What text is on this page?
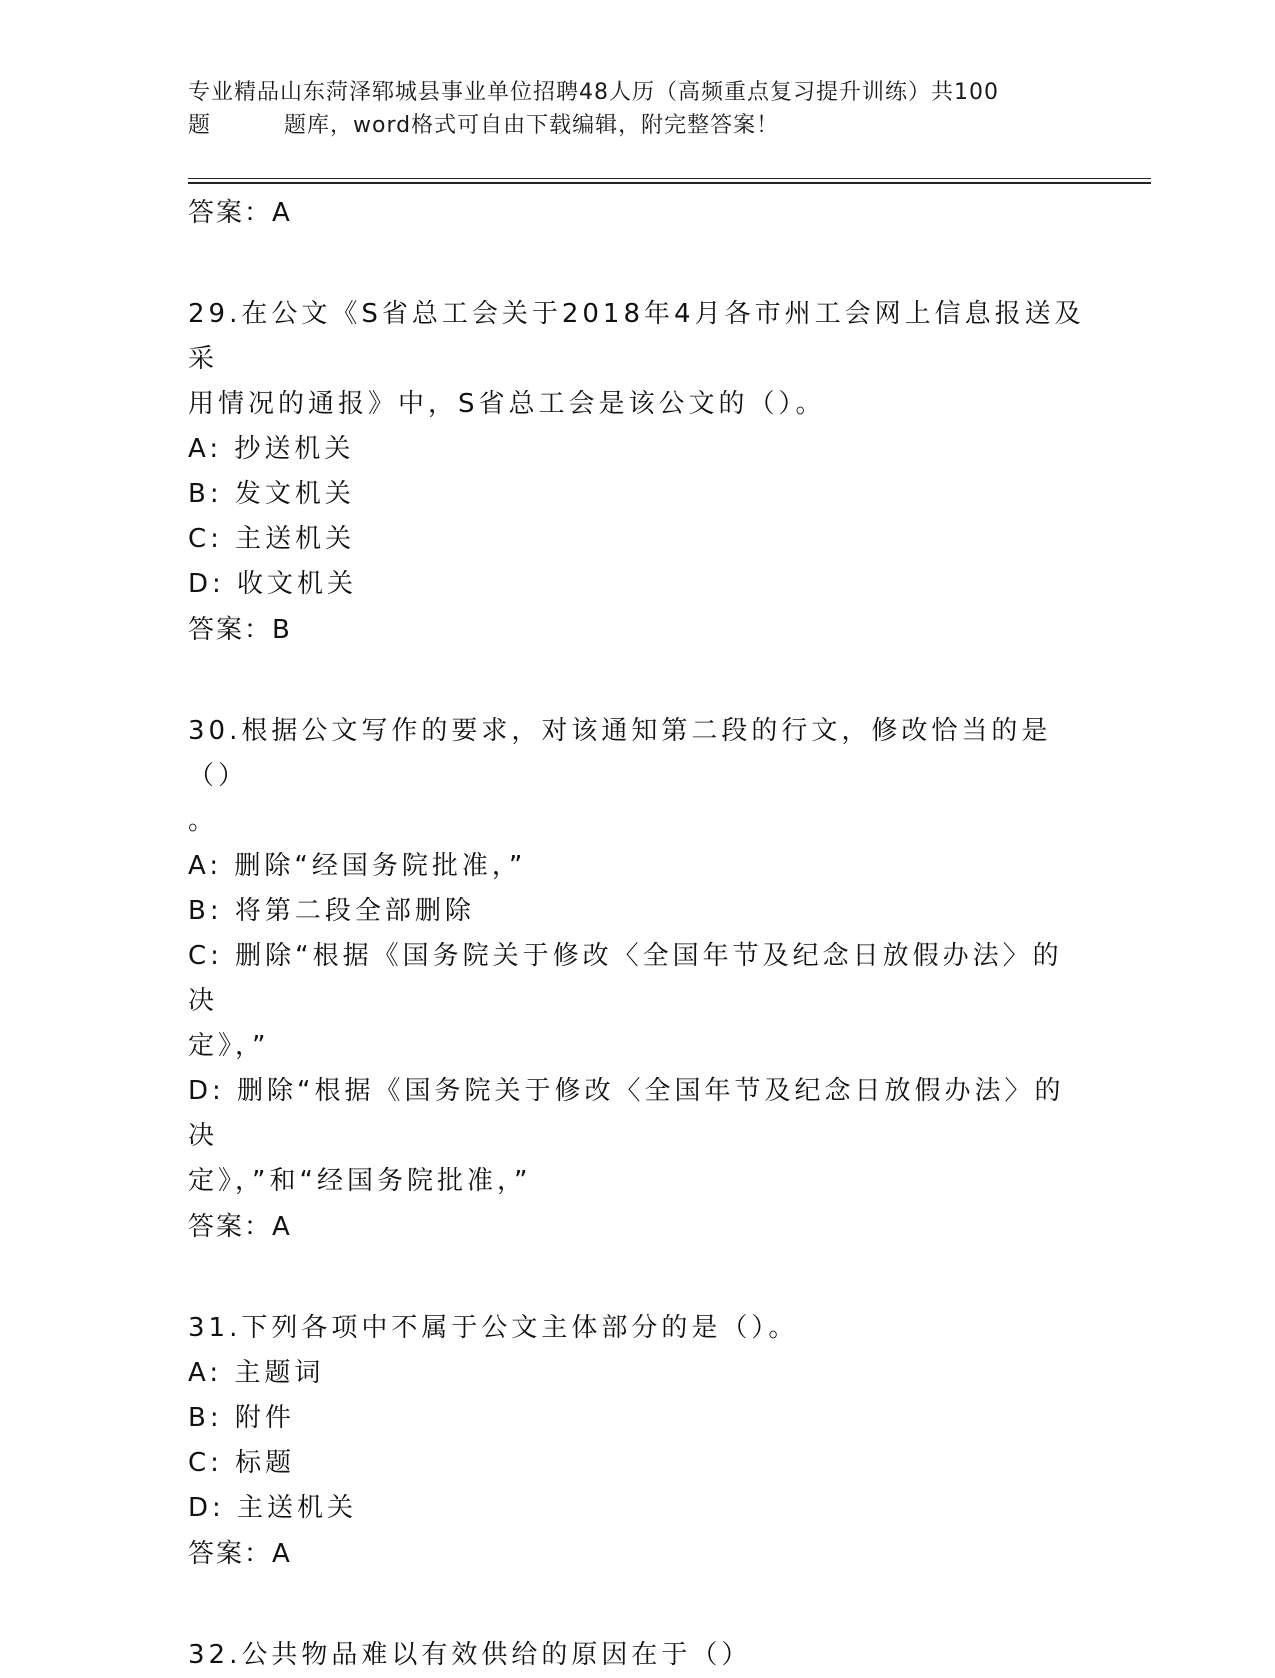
专业精品山东菏泽郓城县事业单位招聘48人历（高频重点复习提升训练）共100
题	题库，word格式可自由下载编辑，附完整答案！
答案：A

29.在公文《S省总工会关于2018年4月各市州工会网上信息报送及采

用情况的通报》中，S省总工会是该公文的（）。

A: 抄送机关

B: 发文机关

C: 主送机关

D: 收文机关

答案：B

30.根据公文写作的要求，对该通知第二段的行文，修改恰当的是（）

。

A: 删除“经国务院批准，”

B: 将第二段全部删除

C: 删除“根据《国务院关于修改〈全国年节及纪念日放假办法〉的决

定》，”

D: 删除“根据《国务院关于修改〈全国年节及纪念日放假办法〉的决

定》，”和“经国务院批准，”

答案：A

31.下列各项中不属于公文主体部分的是（）。

A: 主题词

B: 附件

C: 标题

D: 主送机关

答案：A

32.公共物品难以有效供给的原因在于（）
